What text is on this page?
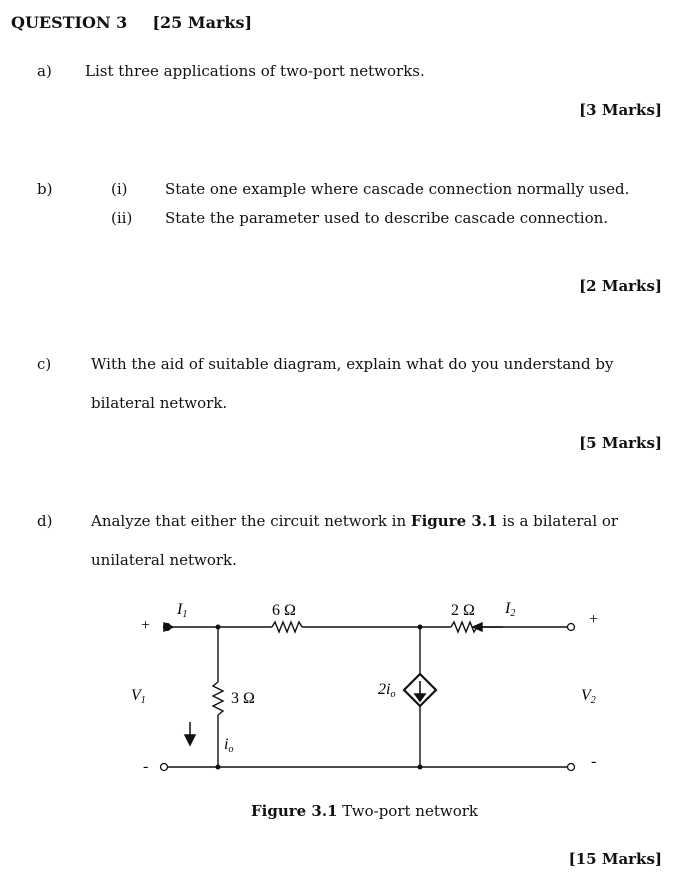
QUESTION 3 [25 Marks]
a) List three applications of two-port networks.
[3 Marks]
b)	(i) State one example where cascade connection normally used.
(ii) State the parameter used to describe cascade connection.
[2 Marks]
c)	With the aid of suitable diagram, explain what do you understand by
bilateral network.
[5 Marks]
d)	Analyze that either the circuit network in Figure 3.1 is a bilateral or
unilateral network.
I1	6 Ω	2 Ω I2
+	+
V1	V2
3 Ω
2io
io
-	-
Figure 3.1 Two-port network
[15 Marks]
